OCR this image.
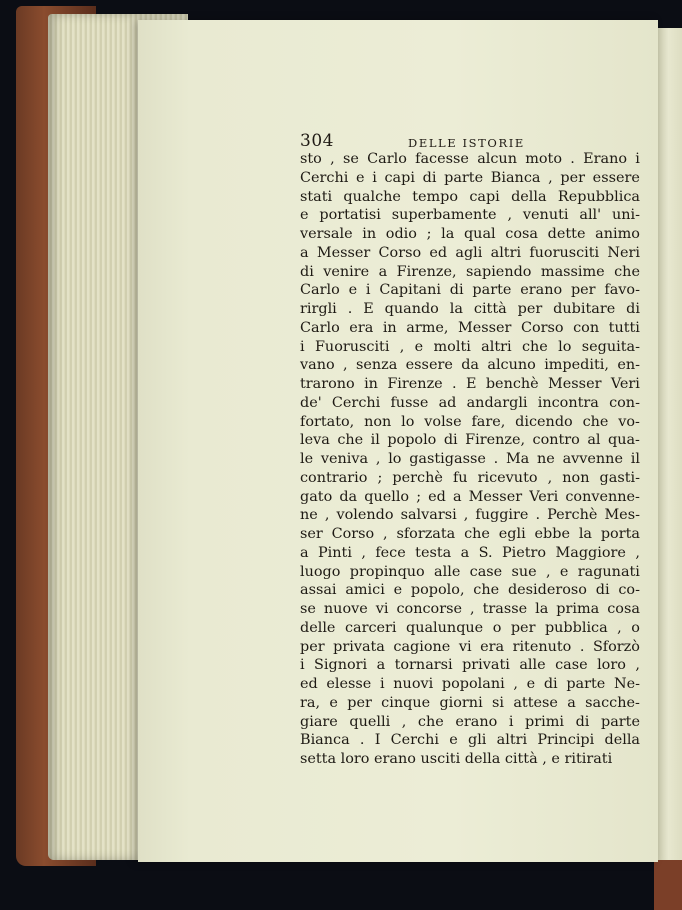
304	DELLE ISTORIE
sto , se Carlo facesse alcun moto . Erano i
Cerchi e i capi di parte Bianca , per essere
stati qualche tempo capi della Repubblica
e portatisi superbamente , venuti all' uni-
versale in odio ; la qual cosa dette animo
a Messer Corso ed agli altri fuorusciti Neri
di venire a Firenze, sapiendo massime che
Carlo e i Capitani di parte erano per favo-
rirgli . E quando la città per dubitare di
Carlo era in arme, Messer Corso con tutti
i Fuorusciti , e molti altri che lo seguita-
vano , senza essere da alcuno impediti, en-
trarono in Firenze . E benchè Messer Veri
de' Cerchi fusse ad andargli incontra con-
fortato, non lo volse fare, dicendo che vo-
leva che il popolo di Firenze, contro al qua-
le veniva , lo gastigasse . Ma ne avvenne il
contrario ; perchè fu ricevuto , non gasti-
gato da quello ; ed a Messer Veri convenne-
ne , volendo salvarsi , fuggire . Perchè Mes-
ser Corso , sforzata che egli ebbe la porta
a Pinti , fece testa a S. Pietro Maggiore ,
luogo propinquo alle case sue , e ragunati
assai amici e popolo, che desideroso di co-
se nuove vi concorse , trasse la prima cosa
delle carceri qualunque o per pubblica , o
per privata cagione vi era ritenuto . Sforzò
i Signori a tornarsi privati alle case loro ,
ed elesse i nuovi popolani , e di parte Ne-
ra, e per cinque giorni si attese a sacche-
giare quelli , che erano i primi di parte
Bianca . I Cerchi e gli altri Principi della
setta loro erano usciti della città , e ritirati
